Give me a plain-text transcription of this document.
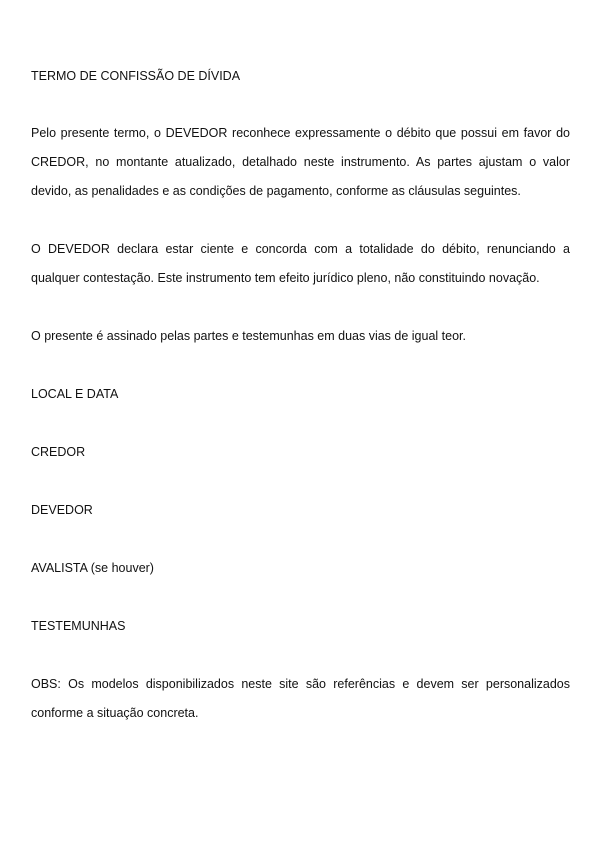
TERMO DE CONFISSÃO DE DÍVIDA

Pelo presente termo, o DEVEDOR reconhece expressamente o débito que possui em favor do CREDOR, no montante atualizado, detalhado neste instrumento. As partes ajustam o valor devido, as penalidades e as condições de pagamento, conforme as cláusulas seguintes.

O DEVEDOR declara estar ciente e concorda com a totalidade do débito, renunciando a qualquer contestação. Este instrumento tem efeito jurídico pleno, não constituindo novação.

O presente é assinado pelas partes e testemunhas em duas vias de igual teor.

LOCAL E DATA

CREDOR

DEVEDOR

AVALISTA (se houver)

TESTEMUNHAS

OBS: Os modelos disponibilizados neste site são referências e devem ser personalizados conforme a situação concreta.
